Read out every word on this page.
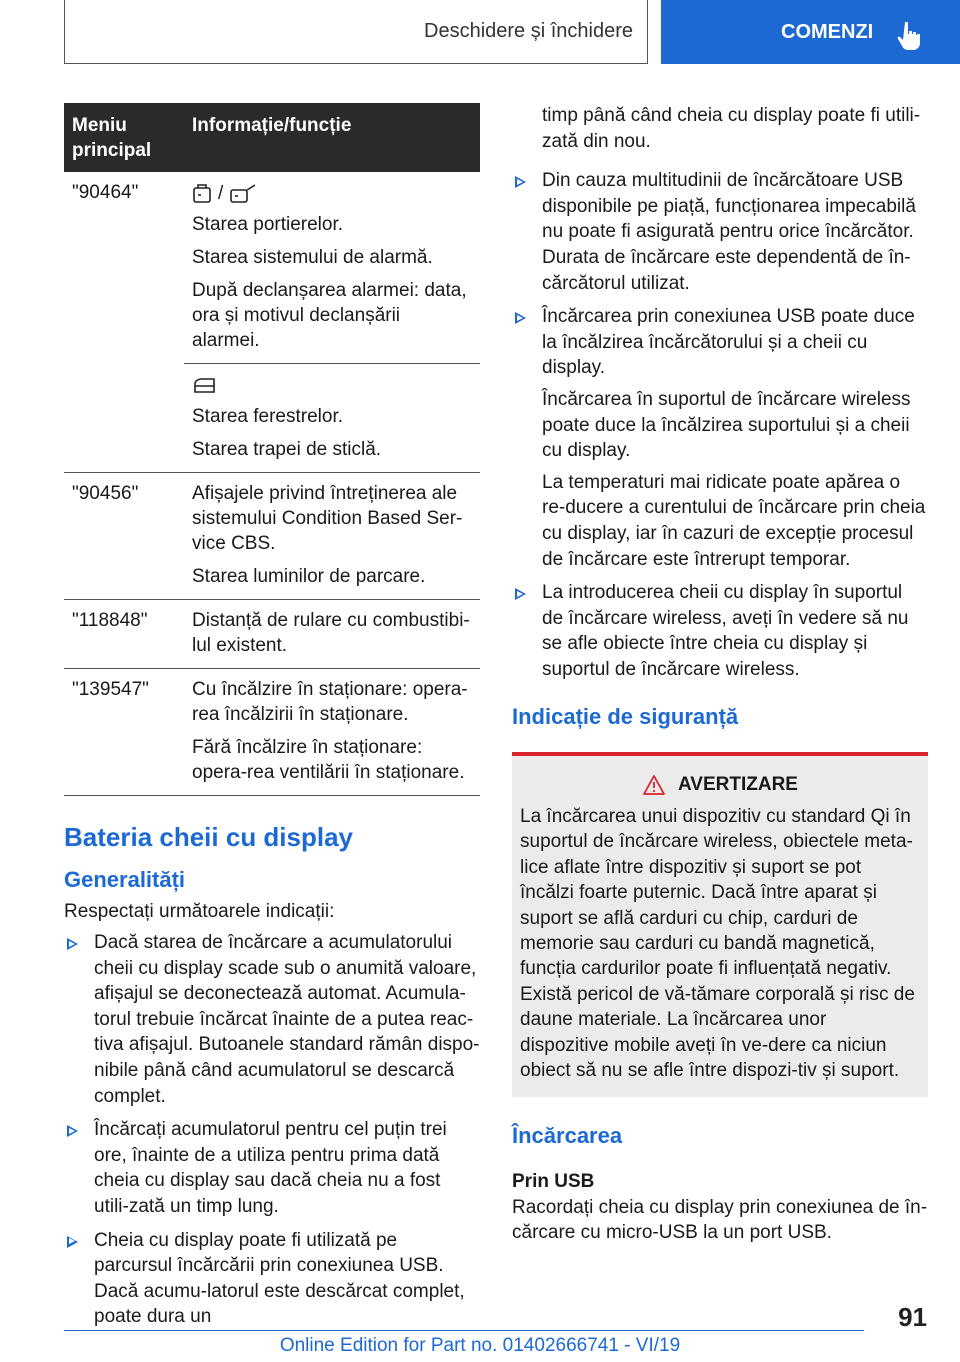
Deschidere și închidere	COMENZI
Meniu principal	Informație/funcție
"90464"	/

Starea portierelor.

Starea sistemului de alarmă.

După declanșarea alarmei: data, ora și motivul declanșării alarmei.

	Starea ferestrelor.

Starea trapei de sticlă.

"90456"	Afișajele privind întreținerea ale sistemului Condition Based Ser-vice CBS.

Starea luminilor de parcare.

"118848"	Distanță de rulare cu combustibi-lul existent.

"139547"	Cu încălzire în staționare: opera-rea încălzirii în staționare.

Fără încălzire în staționare: opera-rea ventilării în staționare.

Bateria cheii cu display
Generalități

Respectați următoarele indicații:

Dacă starea de încărcare a acumulatorului cheii cu display scade sub o anumită valoare, afișajul se deconectează automat. Acumula-torul trebuie încărcat înainte de a putea reac-tiva afișajul. Butoanele standard rămân dispo-nibile până când acumulatorul se descarcă complet.
Încărcați acumulatorul pentru cel puțin trei ore, înainte de a utiliza pentru prima dată cheia cu display sau dacă cheia nu a fost utili-zată un timp lung.
Cheia cu display poate fi utilizată pe parcursul încărcării prin conexiunea USB. Dacă acumu-latorul este descărcat complet, poate dura un
timp până când cheia cu display poate fi utili-zată din nou.
Din cauza multitudinii de încărcătoare USB disponibile pe piață, funcționarea impecabilă nu poate fi asigurată pentru orice încărcător. Durata de încărcare este dependentă de în-cărcătorul utilizat.

Încărcarea prin conexiunea USB poate duce la încălzirea încărcătorului și a cheii cu display.

Încărcarea în suportul de încărcare wireless poate duce la încălzirea suportului și a cheii cu display.

La temperaturi mai ridicate poate apărea o re-ducere a curentului de încărcare prin cheia cu display, iar în cazuri de excepție procesul de încărcare este întrerupt temporar.

La introducerea cheii cu display în suportul de încărcare wireless, aveți în vedere să nu se afle obiecte între cheia cu display și suportul de încărcare wireless.
Indicație de siguranță
AVERTIZARE

La încărcarea unui dispozitiv cu standard Qi în suportul de încărcare wireless, obiectele meta-lice aflate între dispozitiv și suport se pot încălzi foarte puternic. Dacă între aparat și suport se află carduri cu chip, carduri de memorie sau carduri cu bandă magnetică, funcția cardurilor poate fi influențată negativ. Există pericol de vă-tămare corporală și risc de daune materiale. La încărcarea unor dispozitive mobile aveți în ve-dere ca niciun obiect să nu se afle între dispozi-tiv și suport.

Încărcarea
Prin USB

Racordați cheia cu display prin conexiunea de în-cărcare cu micro-USB la un port USB.

91
Online Edition for Part no. 01402666741 - VI/19
